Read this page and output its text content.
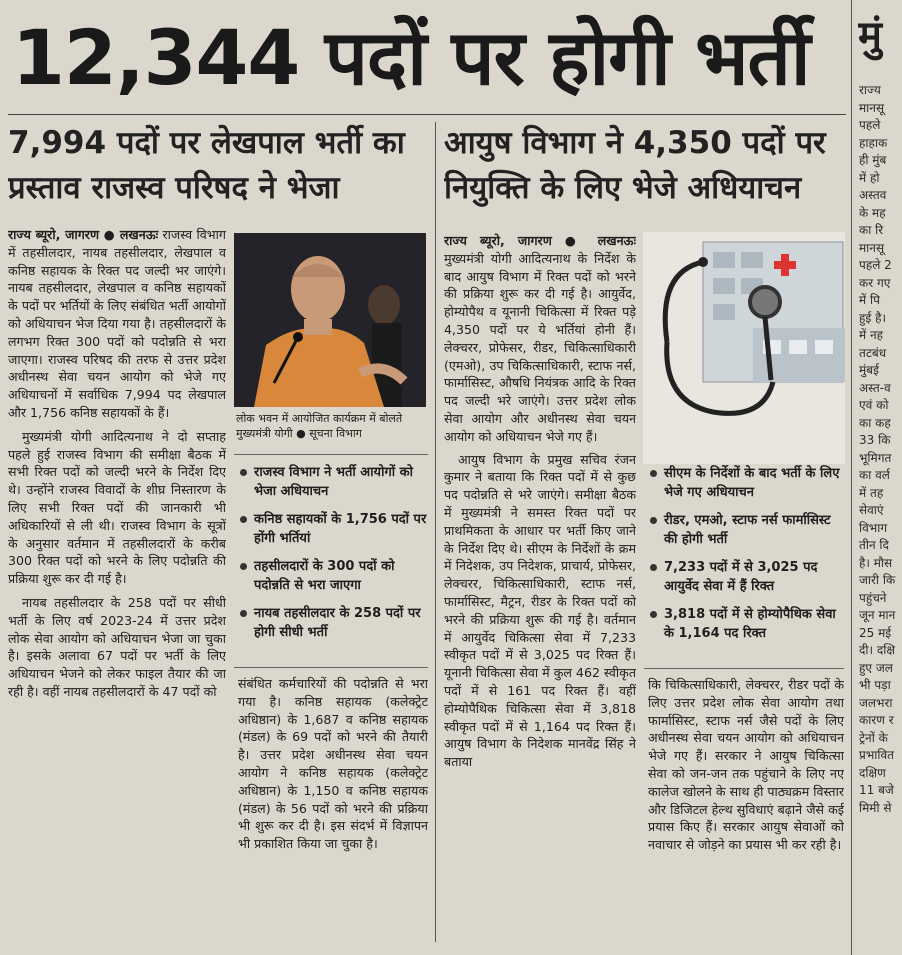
12,344 पदों पर होगी भर्ती
7,994 पदों पर लेखपाल भर्ती का
प्रस्ताव राजस्व परिषद ने भेजा
आयुष विभाग ने 4,350 पदों पर
नियुक्ति के लिए भेजे अधियाचन

राज्य ब्यूरो, जागरण ● लखनऊः राजस्व विभाग में तहसीलदार, नायब तहसीलदार, लेखपाल व कनिष्ठ सहायक के रिक्त पद जल्दी भर जाएंगे। नायब तहसीलदार, लेखपाल व कनिष्ठ सहायकों के पदों पर भर्तियों के लिए संबंधित भर्ती आयोगों को अधियाचन भेज दिया गया है। तहसीलदारों के लगभग रिक्त 300 पदों को पदोन्नति से भरा जाएगा। राजस्व परिषद की तरफ से उत्तर प्रदेश अधीनस्थ सेवा चयन आयोग को भेजे गए अधियाचनों में सर्वाधिक 7,994 पद लेखपाल और 1,756 कनिष्ठ सहायकों के हैं।

मुख्यमंत्री योगी आदित्यनाथ ने दो सप्ताह पहले हुई राजस्व विभाग की समीक्षा बैठक में सभी रिक्त पदों को जल्दी भरने के निर्देश दिए थे। उन्होंने राजस्व विवादों के शीघ्र निस्तारण के लिए सभी रिक्त पदों की जानकारी भी अधिकारियों से ली थी। राजस्व विभाग के सूत्रों के अनुसार वर्तमान में तहसीलदारों के करीब 300 रिक्त पदों को भरने के लिए पदोन्नति की प्रक्रिया शुरू कर दी गई है।

नायब तहसीलदार के 258 पदों पर सीधी भर्ती के लिए वर्ष 2023-24 में उत्तर प्रदेश लोक सेवा आयोग को अधियाचन भेजा जा चुका है। इसके अलावा 67 पदों पर भर्ती के लिए अधियाचन भेजने को लेकर फाइल तैयार की जा रही है। वहीं नायब तहसीलदारों के 47 पदों को

लोक भवन में आयोजित कार्यक्रम में बोलते मुख्यमंत्री योगी ● सूचना विभाग
राजस्व विभाग ने भर्ती आयोगों को भेजा अधियाचन
कनिष्ठ सहायकों के 1,756 पदों पर होंगी भर्तियां
तहसीलदारों के 300 पदों को पदोन्नति से भरा जाएगा
नायब तहसीलदार के 258 पदों पर होगी सीधी भर्ती

संबंधित कर्मचारियों की पदोन्नति से भरा गया है। कनिष्ठ सहायक (कलेक्ट्रेट अधिष्ठान) के 1,687 व कनिष्ठ सहायक (मंडल) के 69 पदों को भरने की तैयारी है। उत्तर प्रदेश अधीनस्थ सेवा चयन आयोग ने कनिष्ठ सहायक (कलेक्ट्रेट अधिष्ठान) के 1,150 व कनिष्ठ सहायक (मंडल) के 56 पदों को भरने की प्रक्रिया भी शुरू कर दी है। इस संदर्भ में विज्ञापन भी प्रकाशित किया जा चुका है।

राज्य ब्यूरो, जागरण ● लखनऊः मुख्यमंत्री योगी आदित्यनाथ के निर्देश के बाद आयुष विभाग में रिक्त पदों को भरने की प्रक्रिया शुरू कर दी गई है। आयुर्वेद, होम्योपैथ व यूनानी चिकित्सा में रिक्त पड़े 4,350 पदों पर ये भर्तियां होनी हैं। लेक्चरर, प्रोफेसर, रीडर, चिकित्साधिकारी (एमओ), उप चिकित्साधिकारी, स्टाफ नर्स, फार्मासिस्ट, औषधि नियंत्रक आदि के रिक्त पद जल्दी भरे जाएंगे। उत्तर प्रदेश लोक सेवा आयोग और अधीनस्थ सेवा चयन आयोग को अधियाचन भेजे गए हैं।

आयुष विभाग के प्रमुख सचिव रंजन कुमार ने बताया कि रिक्त पदों में से कुछ पद पदोन्नति से भरे जाएंगे। समीक्षा बैठक में मुख्यमंत्री ने समस्त रिक्त पदों पर प्राथमिकता के आधार पर भर्ती किए जाने के निर्देश दिए थे। सीएम के निर्देशों के क्रम में निदेशक, उप निदेशक, प्राचार्य, प्रोफेसर, लेक्चरर, चिकित्साधिकारी, स्टाफ नर्स, फार्मासिस्ट, मैट्रन, रीडर के रिक्त पदों को भरने की प्रक्रिया शुरू की गई है। वर्तमान में आयुर्वेद चिकित्सा सेवा में 7,233 स्वीकृत पदों में से 3,025 पद रिक्त हैं। यूनानी चिकित्सा सेवा में कुल 462 स्वीकृत पदों में से 161 पद रिक्त हैं। वहीं होम्योपैथिक चिकित्सा सेवा में 3,818 स्वीकृत पदों में से 1,164 पद रिक्त हैं। आयुष विभाग के निदेशक मानवेंद्र सिंह ने बताया

सीएम के निर्देशों के बाद भर्ती के लिए भेजे गए अधियाचन
रीडर, एमओ, स्टाफ नर्स फार्मासिस्ट की होगी भर्ती
7,233 पदों में से 3,025 पद आयुर्वेद सेवा में हैं रिक्त
3,818 पदों में से होम्योपैथिक सेवा के 1,164 पद रिक्त

कि चिकित्साधिकारी, लेक्चरर, रीडर पदों के लिए उत्तर प्रदेश लोक सेवा आयोग तथा फार्मासिस्ट, स्टाफ नर्स जैसे पदों के लिए अधीनस्थ सेवा चयन आयोग को अधियाचन भेजे गए हैं। सरकार ने आयुष चिकित्सा सेवा को जन-जन तक पहुंचाने के लिए नए कालेज खोलने के साथ ही पाठ्यक्रम विस्तार और डिजिटल हेल्थ सुविधाएं बढ़ाने जैसे कई प्रयास किए हैं। सरकार आयुष सेवाओं को नवाचार से जोड़ने का प्रयास भी कर रही है।

मुं
राज्य
मानसू
पहले
हाहाक
ही मुंब
में हो
अस्तव
के मह
का रि
मानसू
पहले 2
कर गए
में पि
हुई है।
में नह
तटबंध
मुंबई
अस्त-व
एवं को
का कह
33 कि
भूमिगत
का वर्ल
में तह
सेवाएं
विभाग
तीन दि
है। मौस
जारी कि
पहुंचने
जून मान
25 मई
दी। दक्षि
हुए जल
भी पड़ा
जलभरा
कारण र
ट्रेनों के
प्रभावित
दक्षिण
11 बजे
मिमी से
